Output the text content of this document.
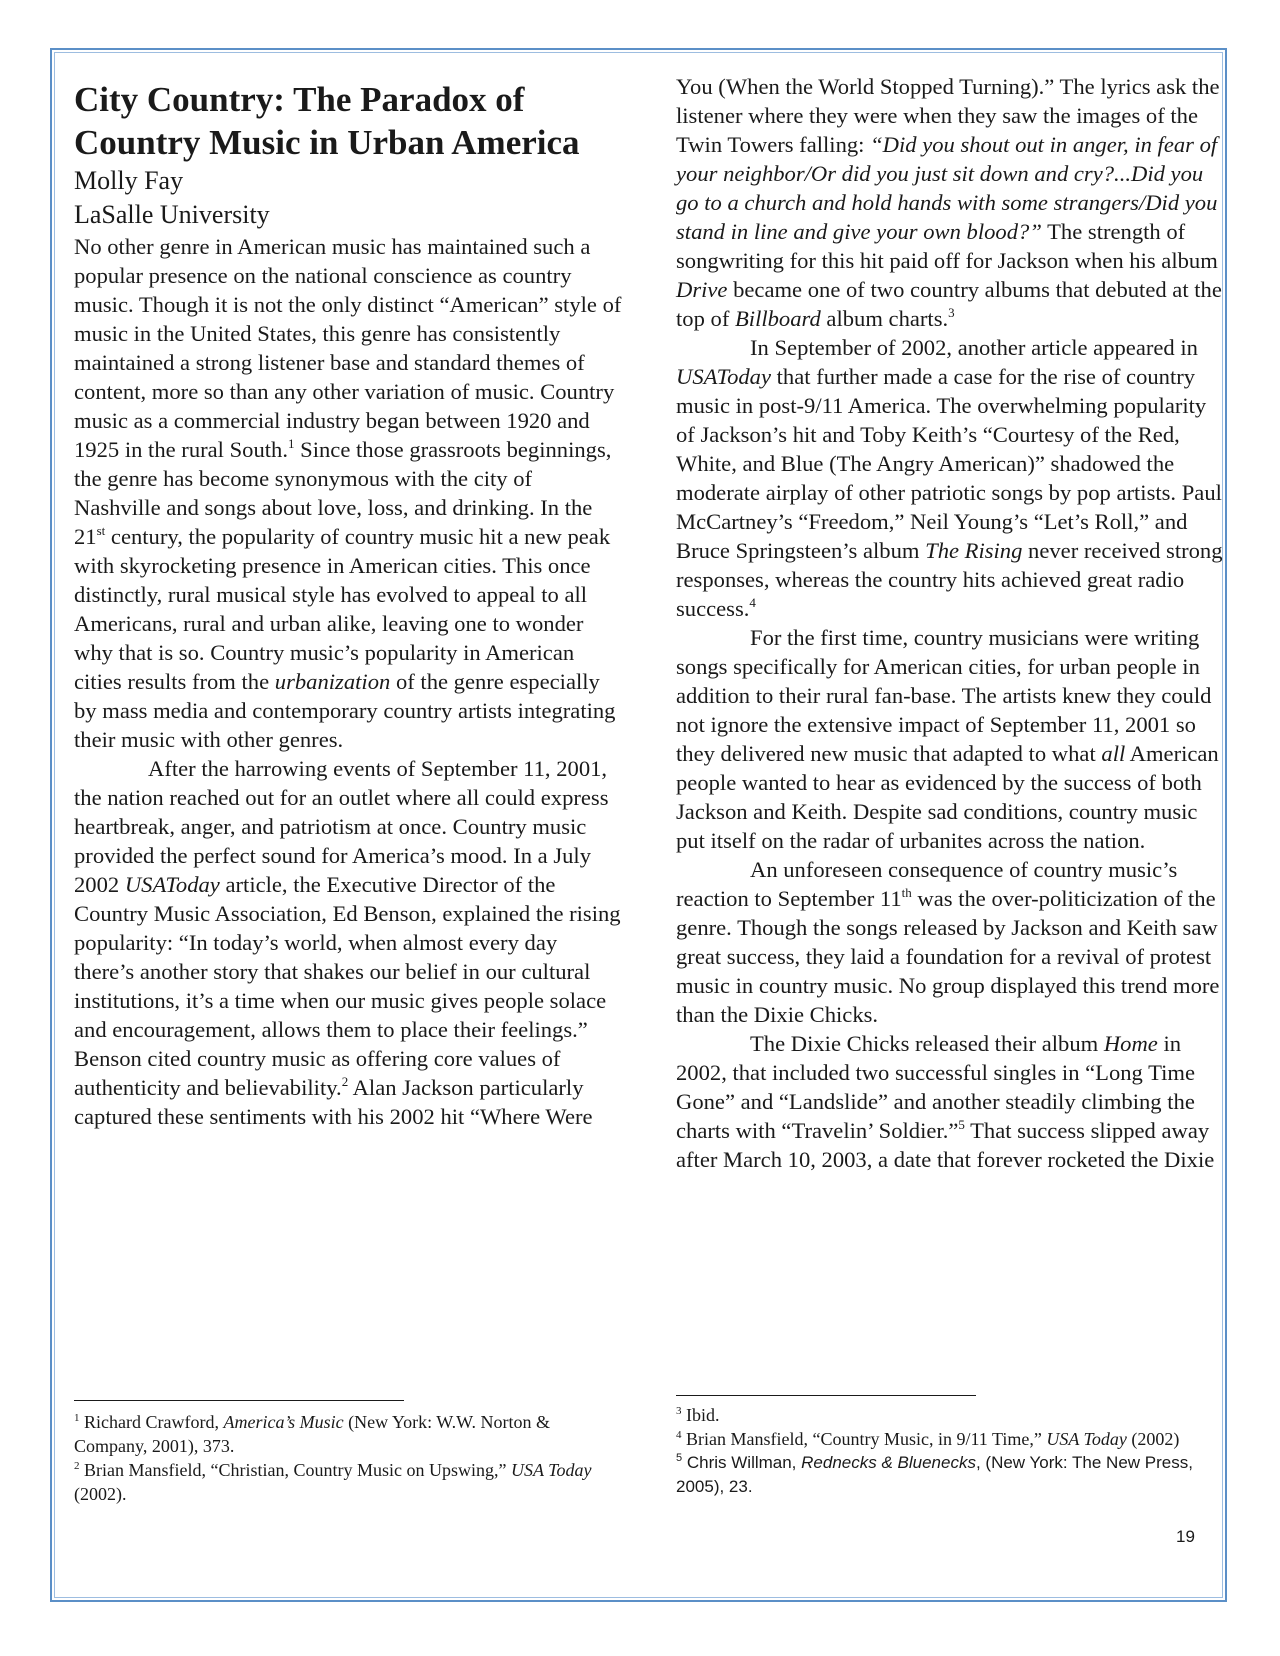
City Country: The Paradox of Country Music in Urban America

Molly Fay

LaSalle University

No other genre in American music has maintained such a popular presence on the national conscience as country music. Though it is not the only distinct “American” style of music in the United States, this genre has consistently maintained a strong listener base and standard themes of content, more so than any other variation of music. Country music as a commercial industry began between 1920 and 1925 in the rural South.$^1$ Since those grassroots beginnings, the genre has become synonymous with the city of Nashville and songs about love, loss, and drinking. In the 21st century, the popularity of country music hit a new peak with skyrocketing presence in American cities. This once distinctly, rural musical style has evolved to appeal to all Americans, rural and urban alike, leaving one to wonder why that is so. Country music’s popularity in American cities results from the urbanization of the genre especially by mass media and contemporary country artists integrating their music with other genres.

After the harrowing events of September 11, 2001, the nation reached out for an outlet where all could express heartbreak, anger, and patriotism at once. Country music provided the perfect sound for America’s mood. In a July 2002 USAToday article, the Executive Director of the Country Music Association, Ed Benson, explained the rising popularity: “In today’s world, when almost every day there’s another story that shakes our belief in our cultural institutions, it’s a time when our music gives people solace and encouragement, allows them to place their feelings.” Benson cited country music as offering core values of authenticity and believability.$^2$ Alan Jackson particularly captured these sentiments with his 2002 hit “Where Were

You (When the World Stopped Turning).” The lyrics ask the listener where they were when they saw the images of the Twin Towers falling: “Did you shout out in anger, in fear of your neighbor/Or did you just sit down and cry?...Did you go to a church and hold hands with some strangers/Did you stand in line and give your own blood?” The strength of songwriting for this hit paid off for Jackson when his album Drive became one of two country albums that debuted at the top of Billboard album charts.$^3$

In September of 2002, another article appeared in USAToday that further made a case for the rise of country music in post-9/11 America. The overwhelming popularity of Jackson’s hit and Toby Keith’s “Courtesy of the Red, White, and Blue (The Angry American)” shadowed the moderate airplay of other patriotic songs by pop artists. Paul McCartney’s “Freedom,” Neil Young’s “Let’s Roll,” and Bruce Springsteen’s album The Rising never received strong responses, whereas the country hits achieved great radio success.$^4$

For the first time, country musicians were writing songs specifically for American cities, for urban people in addition to their rural fan-base. The artists knew they could not ignore the extensive impact of September 11, 2001 so they delivered new music that adapted to what all American people wanted to hear as evidenced by the success of both Jackson and Keith. Despite sad conditions, country music put itself on the radar of urbanites across the nation.

An unforeseen consequence of country music’s reaction to September 11th was the over-politicization of the genre. Though the songs released by Jackson and Keith saw great success, they laid a foundation for a revival of protest music in country music. No group displayed this trend more than the Dixie Chicks.

The Dixie Chicks released their album Home in 2002, that included two successful singles in “Long Time Gone” and “Landslide” and another steadily climbing the charts with “Travelin’ Soldier.”$^5$ That success slipped away after March 10, 2003, a date that forever rocketed the Dixie

$^1$ Richard Crawford, America’s Music (New York: W.W. Norton & Company, 2001), 373.

$^2$ Brian Mansfield, “Christian, Country Music on Upswing,” USA Today (2002).

$^3$ Ibid.

$^4$ Brian Mansfield, “Country Music, in 9/11 Time,” USA Today (2002)

$^5$ Chris Willman, Rednecks & Bluenecks, (New York: The New Press, 2005), 23.

19
